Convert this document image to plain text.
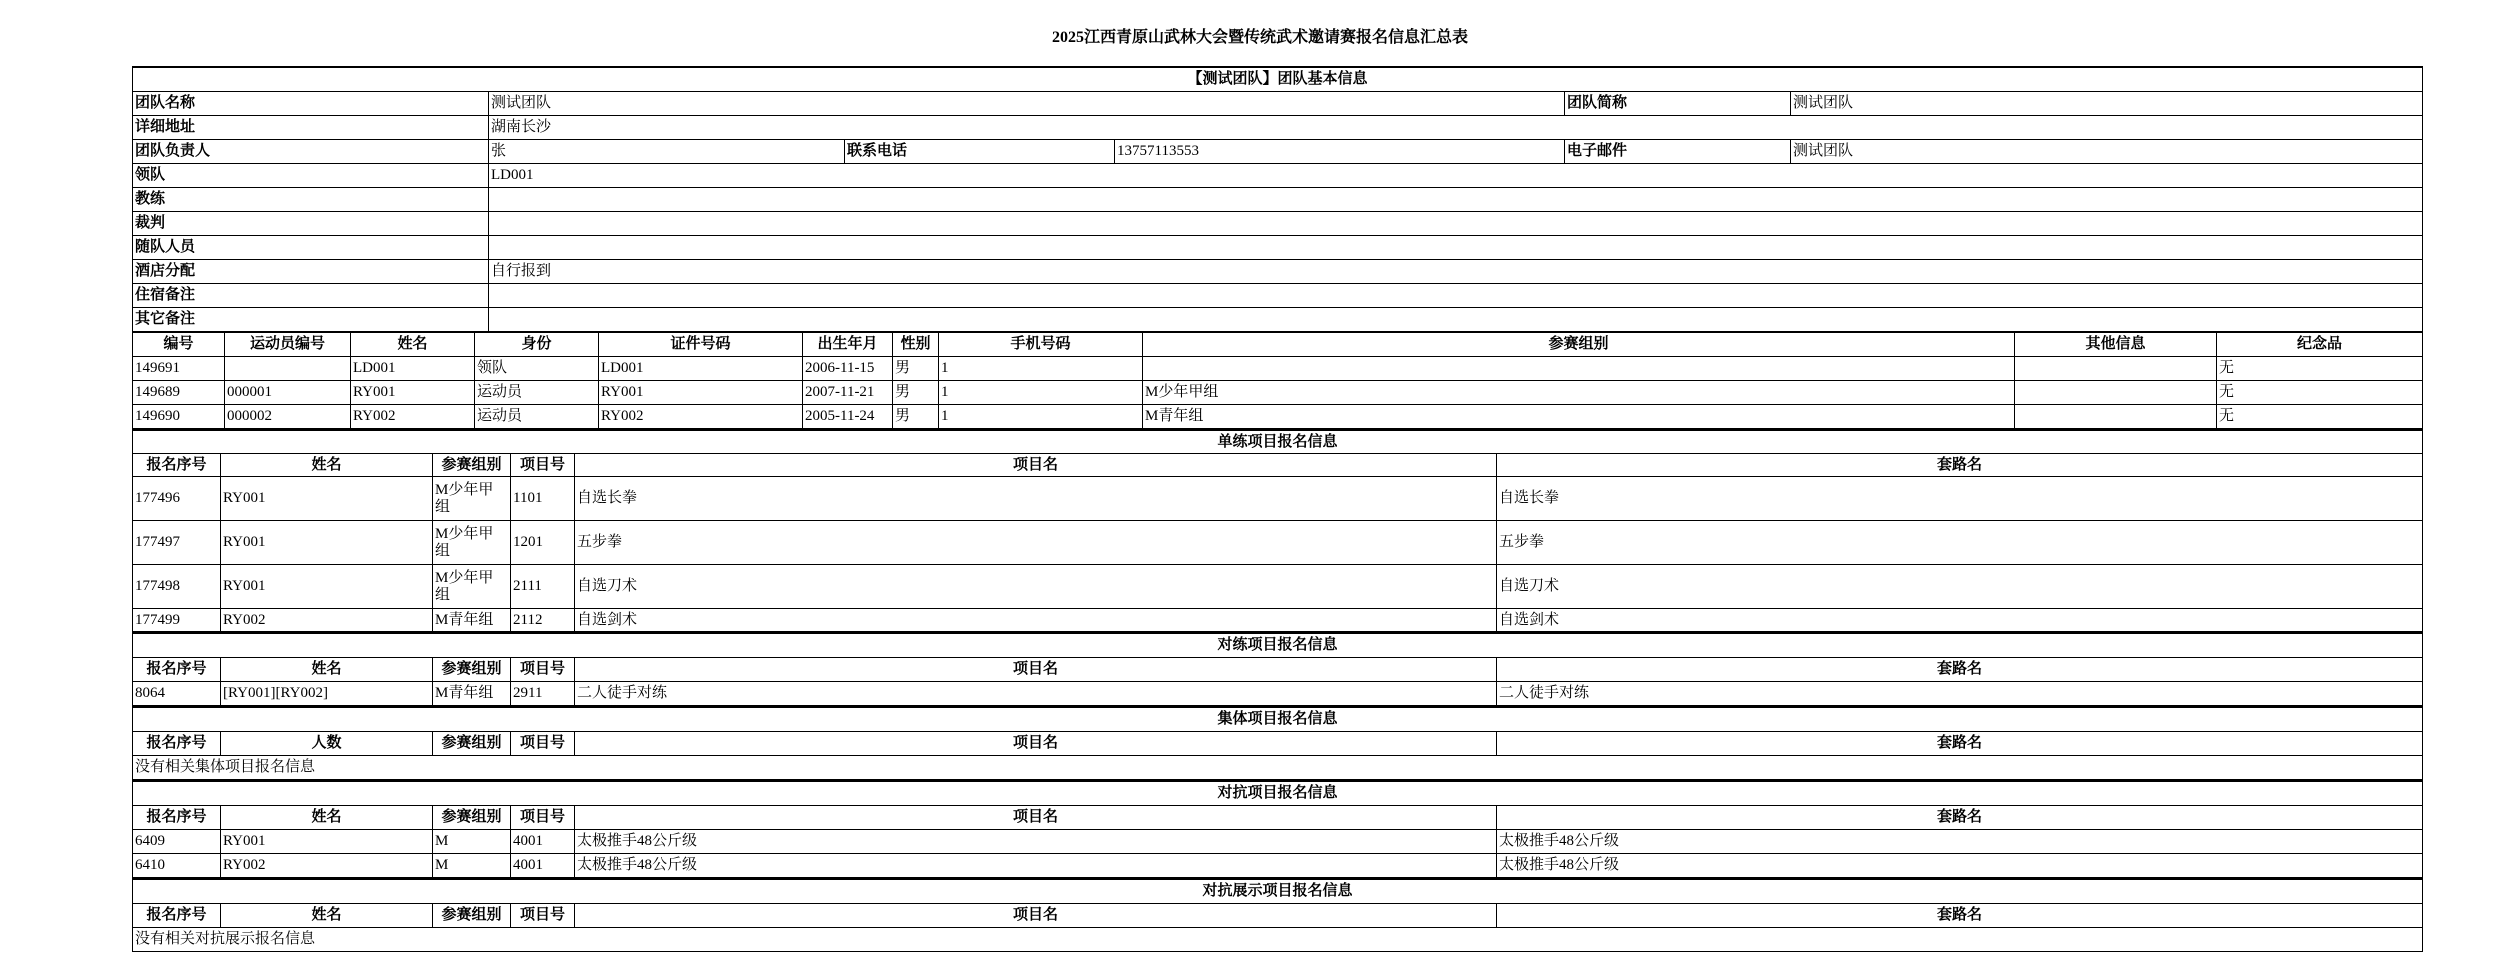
2025江西青原山武林大会暨传统武术邀请赛报名信息汇总表
【测试团队】团队基本信息					
团队名称	测试团队			团队简称	测试团队
详细地址	湖南长沙				
团队负责人	张	联系电话	13757113553	电子邮件	测试团队
领队	LD001				
教练					
裁判					
随队人员					
酒店分配	自行报到				
住宿备注					
其它备注					
编号	运动员编号	姓名	身份	证件号码	出生年月	性别	手机号码	参赛组别	其他信息	纪念品
149691		LD001	领队	LD001	2006-11-15	男	1			无
149689	000001	RY001	运动员	RY001	2007-11-21	男	1	M少年甲组		无
149690	000002	RY002	运动员	RY002	2005-11-24	男	1	M青年组		无
单练项目报名信息					
报名序号	姓名	参赛组别	项目号	项目名	套路名
177496	RY001	M少年甲组	1101	自选长拳	自选长拳
177497	RY001	M少年甲组	1201	五步拳	五步拳
177498	RY001	M少年甲组	2111	自选刀术	自选刀术
177499	RY002	M青年组	2112	自选剑术	自选剑术
对练项目报名信息					
报名序号	姓名	参赛组别	项目号	项目名	套路名
8064	[RY001][RY002]	M青年组	2911	二人徒手对练	二人徒手对练
集体项目报名信息
报名序号	人数	参赛组别	项目号	项目名	套路名
没有相关集体项目报名信息
对抗项目报名信息					
报名序号	姓名	参赛组别	项目号	项目名	套路名
6409	RY001	M	4001	太极推手48公斤级	太极推手48公斤级
6410	RY002	M	4001	太极推手48公斤级	太极推手48公斤级
对抗展示项目报名信息
报名序号	姓名	参赛组别	项目号	项目名	套路名
没有相关对抗展示报名信息
